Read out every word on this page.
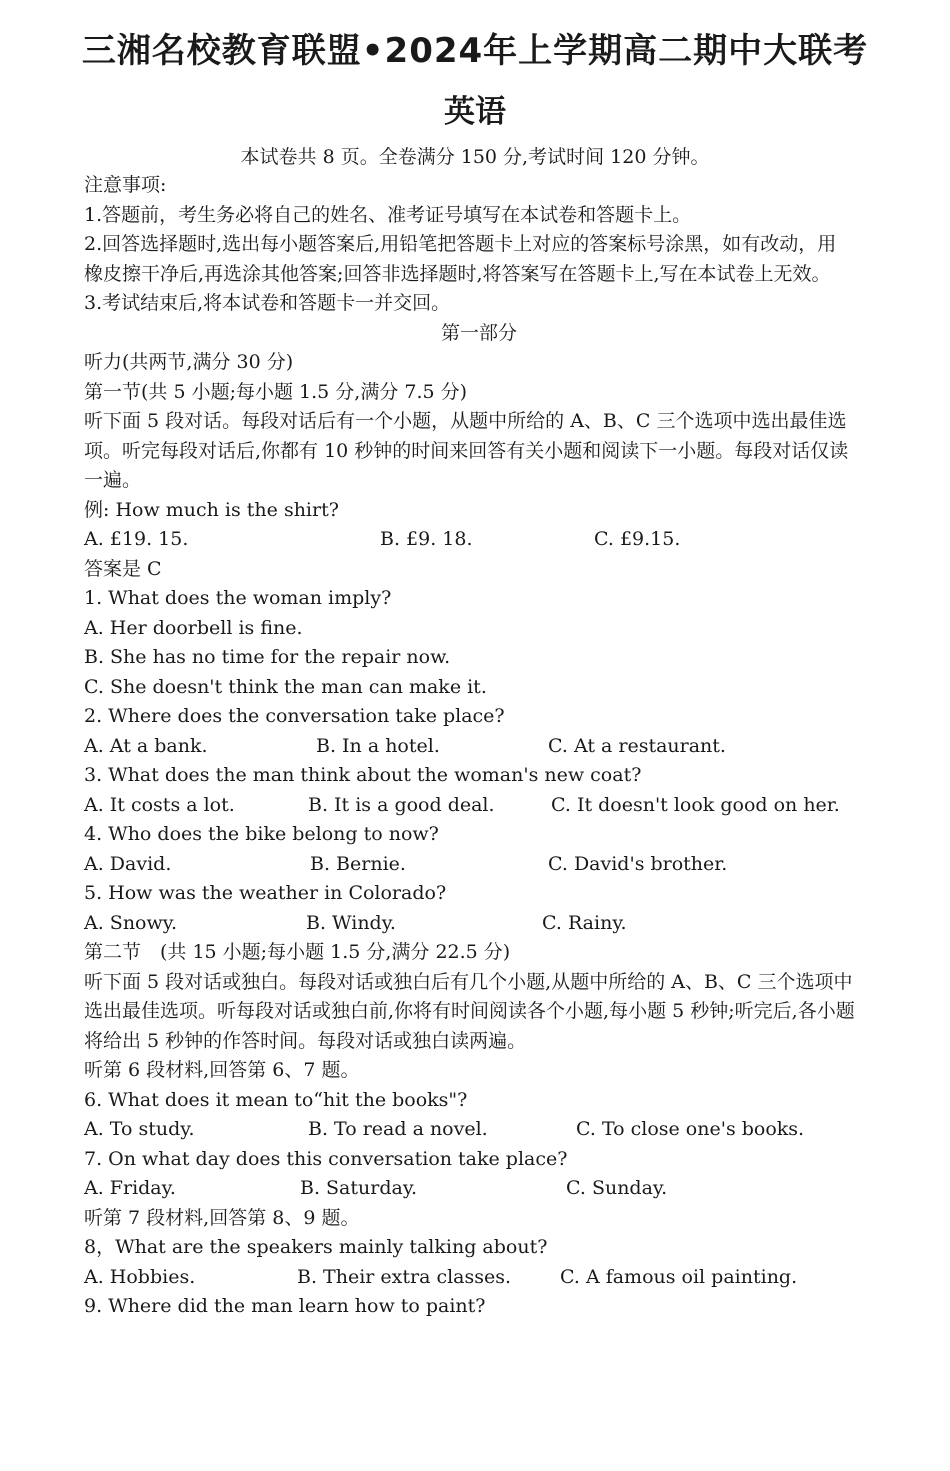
三湘名校教育联盟•2024年上学期高二期中大联考
英语
本试卷共 8 页。全卷满分 150 分,考试时间 120 分钟。

注意事项:

1.答题前，考生务必将自己的姓名、准考证号填写在本试卷和答题卡上。

2.回答选择题时,选出每小题答案后,用铅笔把答题卡上对应的答案标号涂黑，如有改动，用

橡皮擦干净后,再选涂其他答案;回答非选择题时,将答案写在答题卡上,写在本试卷上无效。

3.考试结束后,将本试卷和答题卡一并交回。

第一部分

听力(共两节,满分 30 分)

第一节(共 5 小题;每小题 1.5 分,满分 7.5 分)

听下面 5 段对话。每段对话后有一个小题，从题中所给的 A、B、C 三个选项中选出最佳选

项。听完每段对话后,你都有 10 秒钟的时间来回答有关小题和阅读下一小题。每段对话仅读

一遍。

例: How much is the shirt?

A. £19. 15.	B. £9. 18.	C. £9.15.

答案是 C

1. What does the woman imply?

A. Her doorbell is fine.

B. She has no time for the repair now.

C. She doesn't think the man can make it.

2. Where does the conversation take place?

A. At a bank.	B. In a hotel.	C. At a restaurant.

3. What does the man think about the woman's new coat?

A. It costs a lot.	B. It is a good deal.	C. It doesn't look good on her.

4. Who does the bike belong to now?

A. David.	B. Bernie.	C. David's brother.

5. How was the weather in Colorado?

A. Snowy.	B. Windy.	C. Rainy.

第二节　(共 15 小题;每小题 1.5 分,满分 22.5 分)

听下面 5 段对话或独白。每段对话或独白后有几个小题,从题中所给的 A、B、C 三个选项中

选出最佳选项。听每段对话或独白前,你将有时间阅读各个小题,每小题 5 秒钟;听完后,各小题

将给出 5 秒钟的作答时间。每段对话或独白读两遍。

听第 6 段材料,回答第 6、7 题。

6. What does it mean to“hit the books"?

A. To study.	B. To read a novel.	C. To close one's books.

7. On what day does this conversation take place?

A. Friday.	B. Saturday.	C. Sunday.

听第 7 段材料,回答第 8、9 题。

8，What are the speakers mainly talking about?

A. Hobbies.	B. Their extra classes.	C. A famous oil painting.

9. Where did the man learn how to paint?
